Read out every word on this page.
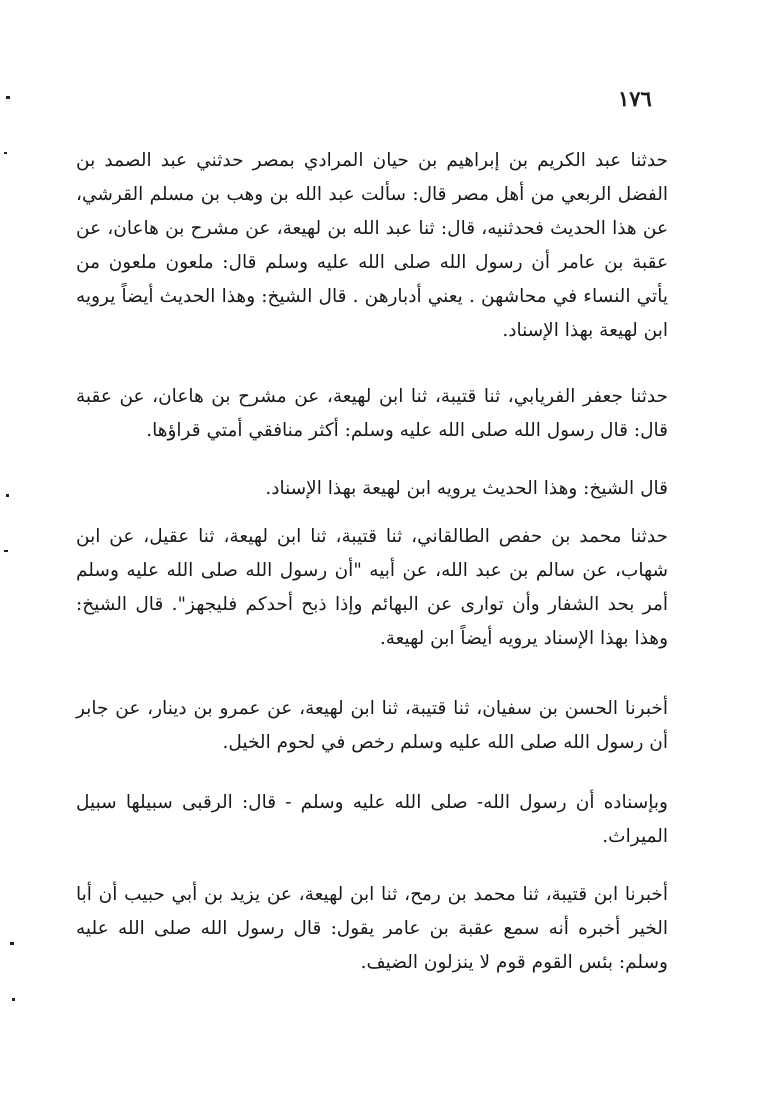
١٧٦

حدثنا عبد الكريم بن إبراهيم بن حيان المرادي بمصر حدثني عبد الصمد بن الفضل الربعي من أهل مصر قال: سألت عبد الله بن وهب بن مسلم القرشي، عن هذا الحديث فحدثنيه، قال: ثنا عبد الله بن لهيعة، عن مشرح بن هاعان، عن عقبة بن عامر أن رسول الله صلى الله عليه وسلم قال: ملعون ملعون من يأتي النساء في محاشهن . يعني أدبارهن . قال الشيخ: وهذا الحديث أيضاً يرويه ابن لهيعة بهذا الإسناد.

حدثنا جعفر الفريابي، ثنا قتيبة، ثنا ابن لهيعة، عن مشرح بن هاعان، عن عقبة قال: قال رسول الله صلى الله عليه وسلم: أكثر منافقي أمتي قراؤها.

قال الشيخ: وهذا الحديث يرويه ابن لهيعة بهذا الإسناد.

حدثنا محمد بن حفص الطالقاني، ثنا قتيبة، ثنا ابن لهيعة، ثنا عقيل، عن ابن شهاب، عن سالم بن عبد الله، عن أبيه "أن رسول الله صلى الله عليه وسلم أمر بحد الشفار وأن توارى عن البهائم وإذا ذبح أحدكم فليجهز". قال الشيخ: وهذا بهذا الإسناد يرويه أيضاً ابن لهيعة.

أخبرنا الحسن بن سفيان، ثنا قتيبة، ثنا ابن لهيعة، عن عمرو بن دينار، عن جابر أن رسول الله صلى الله عليه وسلم رخص في لحوم الخيل.

وبإسناده أن رسول الله- صلى الله عليه وسلم - قال: الرقبى سبيلها سبيل الميراث.

أخبرنا ابن قتيبة، ثنا محمد بن رمح، ثنا ابن لهيعة، عن يزيد بن أبي حبيب أن أبا الخير أخبره أنه سمع عقبة بن عامر يقول: قال رسول الله صلى الله عليه وسلم: بئس القوم قوم لا ينزلون الضيف.
